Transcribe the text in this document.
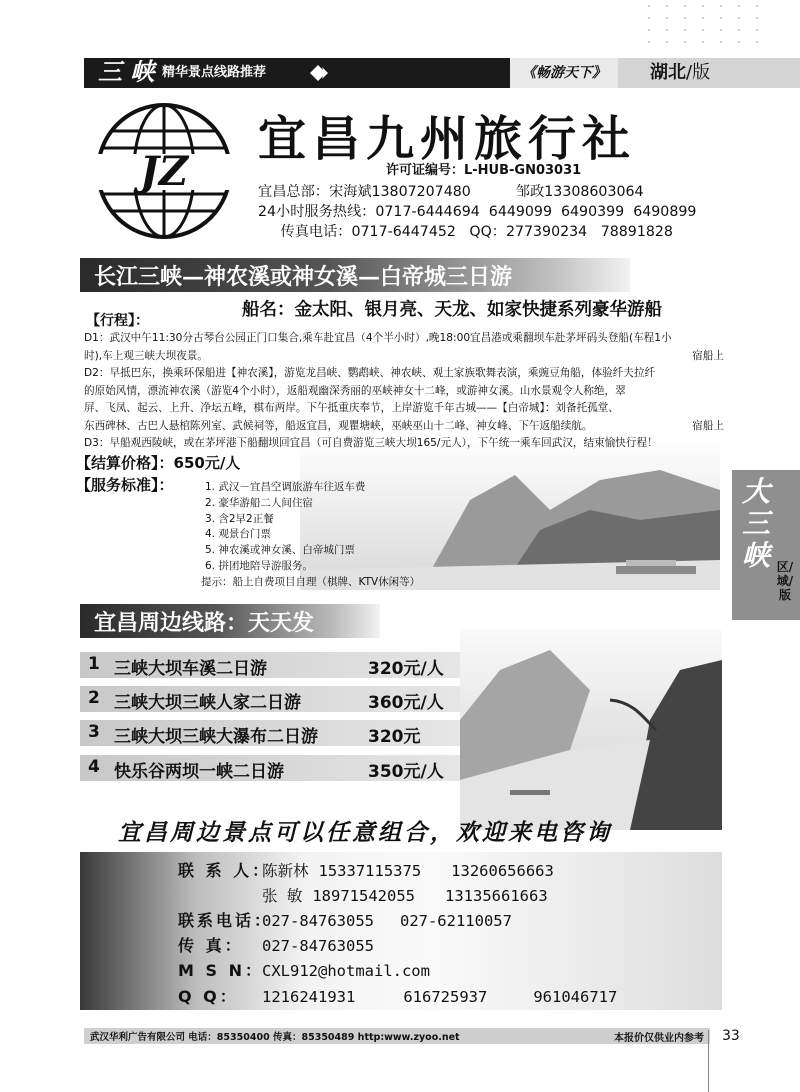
三 峡 精华景点线路推荐	《畅游天下》	湖北/版
JZ
宜昌九州旅行社
许可证编号：L-HUB-GN03031
宜昌总部：宋海斌13807207480          邹政13308603064
24小时服务热线：0717-6444694  6449099  6490399  6490899
传真电话：0717-6447452   QQ：277390234   78891828
长江三峡—神农溪或神女溪—白帝城三日游
船名：金太阳、银月亮、天龙、如家快捷系列豪华游船
【行程】：
D1：武汉中午11:30分古琴台公园正门口集合,乘车赴宜昌（4个半小时）,晚18:00宜昌港或乘翻坝车赴茅坪码头登船(车程1小
时),车上观三峡大坝夜景。	宿船上
D2：早抵巴东，换乘环保船进【神农溪】，游览龙昌峡、鹦鹉峡、神农峡、观土家族歌舞表演，乘豌豆角船，体验纤夫拉纤
的原始风情，漂流神农溪（游览4个小时），返船观幽深秀丽的巫峡神女十二峰，或游神女溪。山水景观令人称绝，翠
屏、飞凤、起云、上升、净坛五峰，棋布两岸。下午抵重庆奉节，上岸游览千年古城——【白帝城】：刘备托孤堂、
东西碑林、古巴人悬棺陈列室、武候祠等，船返宜昌，观瞿塘峡，巫峡巫山十二峰、神女峰、下午返船续航。	宿船上
D3：早船观西陵峡，或在茅坪港下船翻坝回宜昌（可自费游览三峡大坝165/元人），下午统一乘车回武汉，结束愉快行程！
【结算价格】：650元/人
【服务标准】：	1. 武汉－宜昌空调旅游车往返车费
2. 豪华游船二人间住宿
3. 含2早2正餐
4. 观景台门票
5. 神农溪或神女溪、白帝城门票
6. 拼团地陪导游服务。
提示：船上自费项目自理（棋牌、KTV休闲等）
大三峡 区/域/版
宜昌周边线路：天天发
1 三峡大坝车溪二日游	320元/人
2 三峡大坝三峡人家二日游	360元/人
3 三峡大坝三峡大瀑布二日游	320元
4 快乐谷两坝一峡二日游	350元/人
宜昌周边景点可以任意组合，欢迎来电咨询
联 系 人：陈新林 15337115375 13260656663
张 敏 18971542055 13135661663
联系电话：027-84763055 027-62110057
传 真： 027-84763055
M S N：CXL912@hotmail.com
Q Q： 1216241931	616725937	961046717
武汉华利广告有限公司 电话：85350400 传真：85350489 http:www.zyoo.net	本报价仅供业内参考 33
